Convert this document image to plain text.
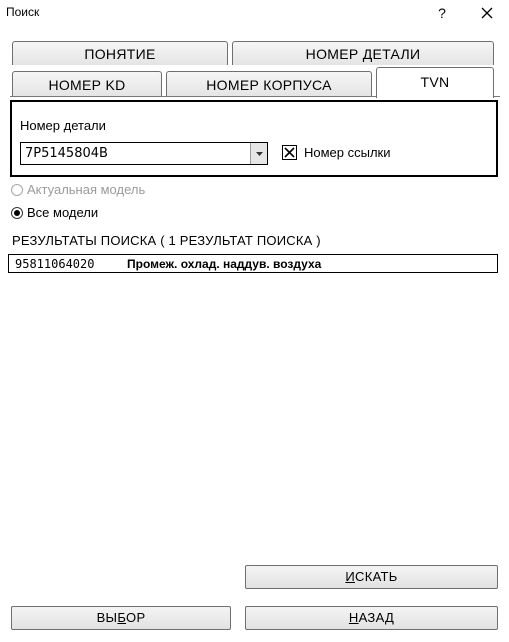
Поиск	?
ПОНЯТИЕ	НОМЕР ДЕТАЛИ
НОМЕР KD	НОМЕР КОРПУСА	TVN
Номер детали
7P5145804B	Номер ссылки
Актуальная модель
Все модели
РЕЗУЛЬТАТЫ ПОИСКА ( 1 РЕЗУЛЬТАТ ПОИСКА )
95811064020	Промеж. охлад. наддув. воздуха
ИСКАТЬ
ВЫБОР	НАЗАД
